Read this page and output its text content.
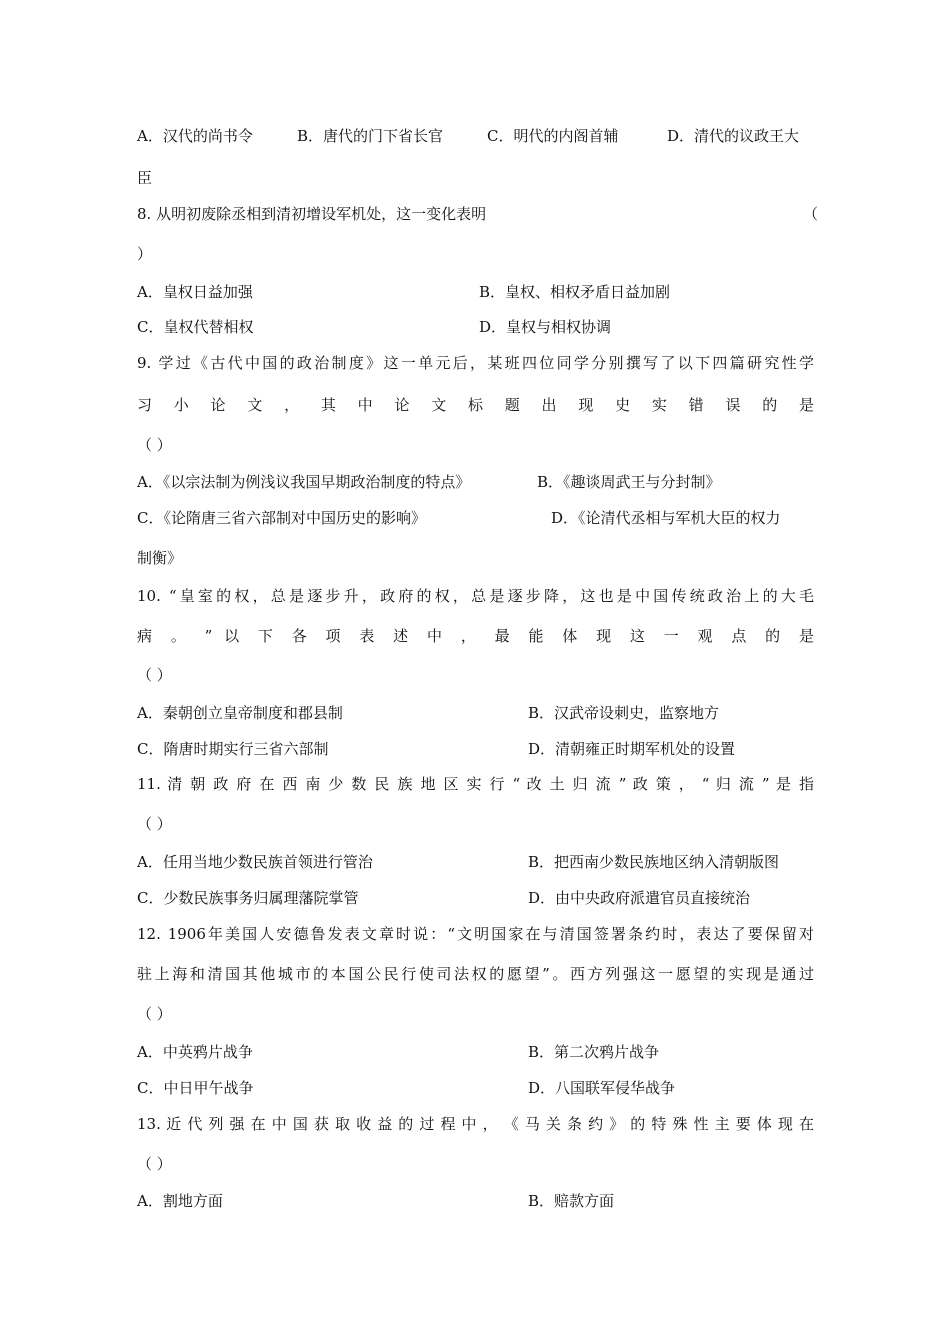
A．汉代的尚书令	B．唐代的门下省长官	C．明代的内阁首辅	D．清代的议政王大
臣
8. 从明初废除丞相到清初增设军机处，这一变化表明	（
）
A．皇权日益加强	B．皇权、相权矛盾日益加剧
C．皇权代替相权	D．皇权与相权协调
9. 学过《古代中国的政治制度》这一单元后，某班四位同学分别撰写了以下四篇研究性学
习 小 论 文 ， 其 中 论 文 标 题 出 现 史 实 错 误 的 是
（ ）
A．《以宗法制为例浅议我国早期政治制度的特点》	B．《趣谈周武王与分封制》
C．《论隋唐三省六部制对中国历史的影响》	D．《论清代丞相与军机大臣的权力
制衡》
10. “皇室的权，总是逐步升，政府的权，总是逐步降，这也是中国传统政治上的大毛
病 。 ” 以 下 各 项 表 述 中 ， 最 能 体 现 这 一 观 点 的 是
（ ）
A．秦朝创立皇帝制度和郡县制	B．汉武帝设刺史，监察地方
C．隋唐时期实行三省六部制	D．清朝雍正时期军机处的设置
11. 清 朝 政 府 在 西 南 少 数 民 族 地 区 实 行 “ 改 土 归 流 ” 政 策 ， “ 归 流 ” 是 指
（ ）
A．任用当地少数民族首领进行管治	B．把西南少数民族地区纳入清朝版图
C．少数民族事务归属理藩院掌管	D．由中央政府派遣官员直接统治
12. 1906年美国人安德鲁发表文章时说：“文明国家在与清国签署条约时，表达了要保留对
驻上海和清国其他城市的本国公民行使司法权的愿望”。西方列强这一愿望的实现是通过
（ ）
A．中英鸦片战争	B．第二次鸦片战争
C．中日甲午战争	D．八国联军侵华战争
13. 近 代 列 强 在 中 国 获 取 收 益 的 过 程 中 ， 《 马 关 条 约 》 的 特 殊 性 主 要 体 现 在
（ ）
A．割地方面	B．赔款方面
